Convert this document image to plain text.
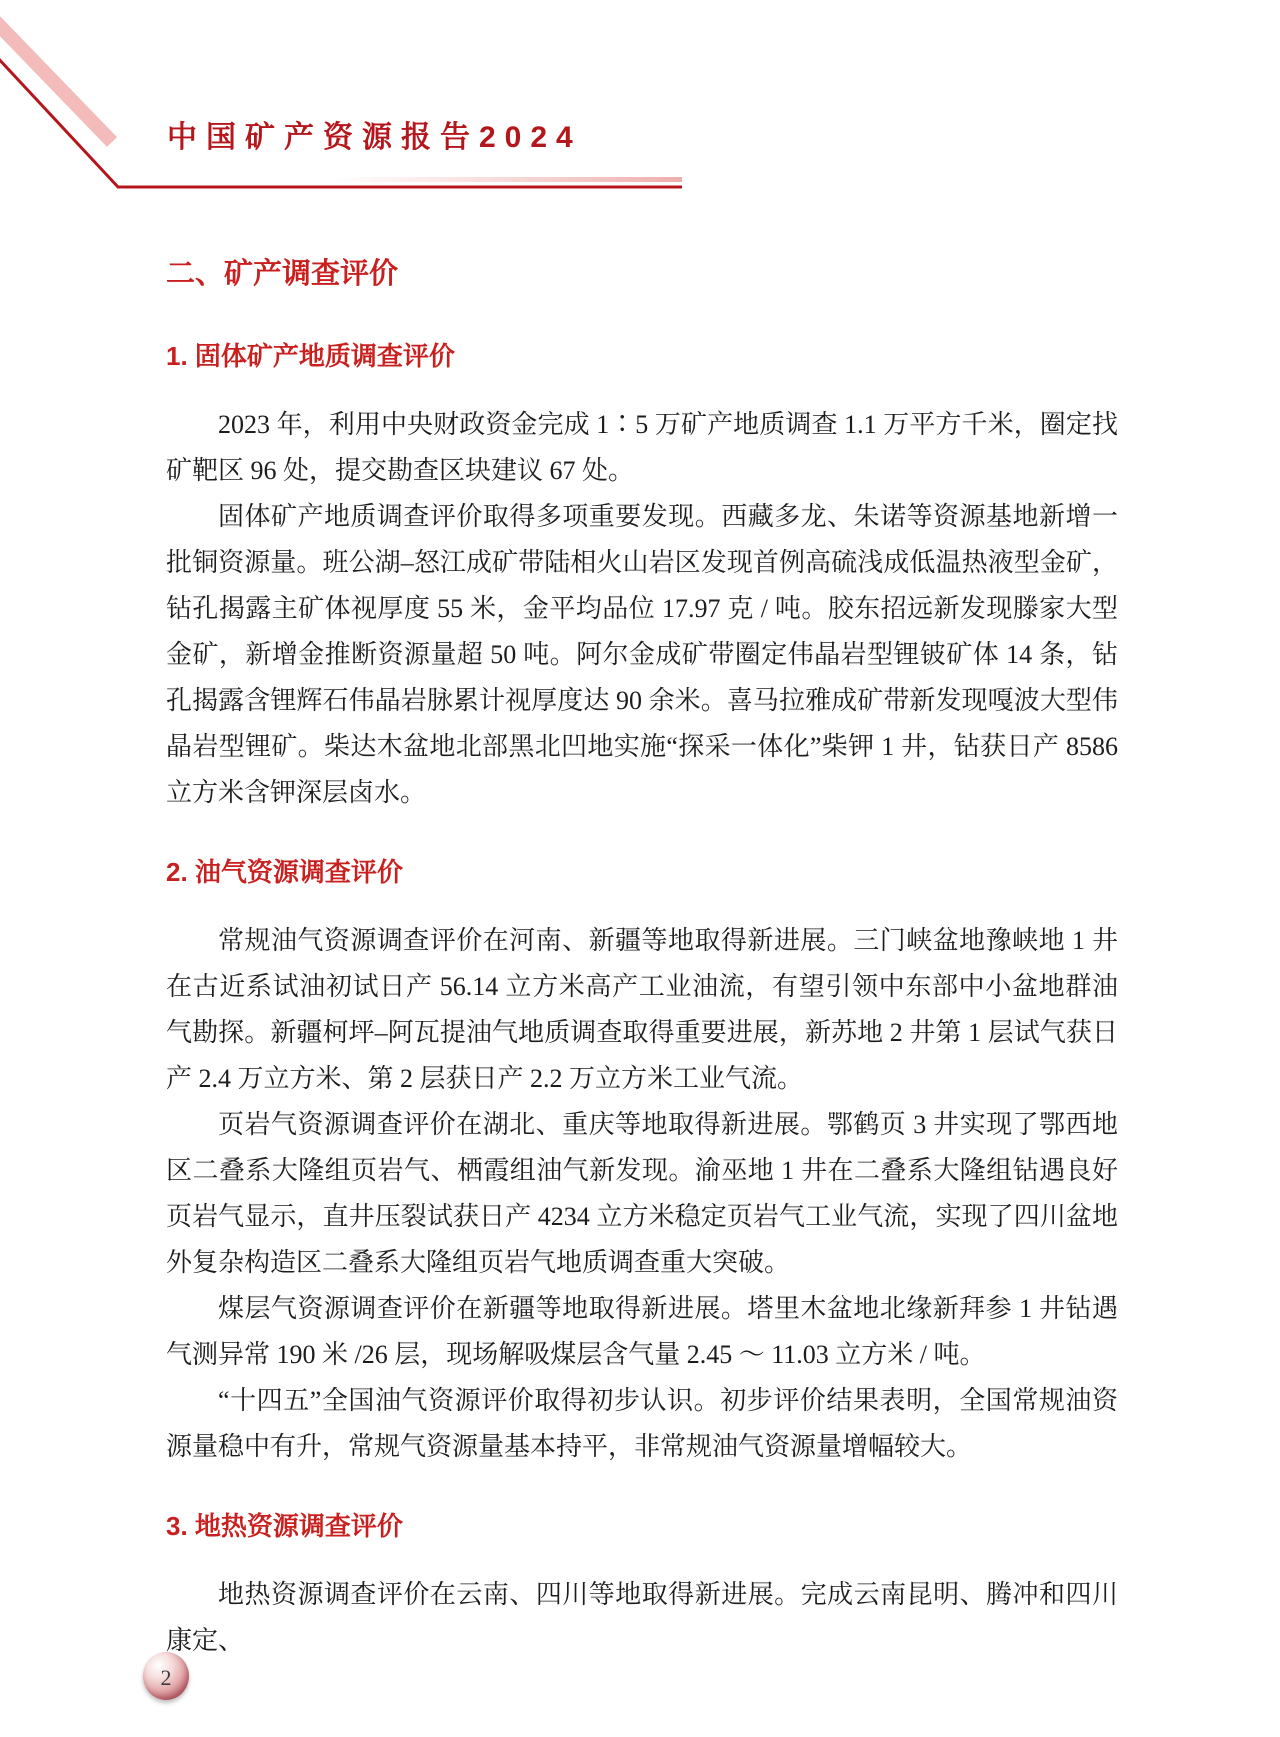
中国矿产资源报告2024
二、矿产调查评价
1. 固体矿产地质调查评价

2023 年，利用中央财政资金完成 1∶5 万矿产地质调查 1.1 万平方千米，圈定找矿靶区 96 处，提交勘查区块建议 67 处。

固体矿产地质调查评价取得多项重要发现。西藏多龙、朱诺等资源基地新增一批铜资源量。班公湖–怒江成矿带陆相火山岩区发现首例高硫浅成低温热液型金矿，钻孔揭露主矿体视厚度 55 米，金平均品位 17.97 克 / 吨。胶东招远新发现滕家大型金矿，新增金推断资源量超 50 吨。阿尔金成矿带圈定伟晶岩型锂铍矿体 14 条，钻孔揭露含锂辉石伟晶岩脉累计视厚度达 90 余米。喜马拉雅成矿带新发现嘎波大型伟晶岩型锂矿。柴达木盆地北部黑北凹地实施“探采一体化”柴钾 1 井，钻获日产 8586 立方米含钾深层卤水。

2. 油气资源调查评价

常规油气资源调查评价在河南、新疆等地取得新进展。三门峡盆地豫峡地 1 井在古近系试油初试日产 56.14 立方米高产工业油流，有望引领中东部中小盆地群油气勘探。新疆柯坪–阿瓦提油气地质调查取得重要进展，新苏地 2 井第 1 层试气获日产 2.4 万立方米、第 2 层获日产 2.2 万立方米工业气流。

页岩气资源调查评价在湖北、重庆等地取得新进展。鄂鹤页 3 井实现了鄂西地区二叠系大隆组页岩气、栖霞组油气新发现。渝巫地 1 井在二叠系大隆组钻遇良好页岩气显示，直井压裂试获日产 4234 立方米稳定页岩气工业气流，实现了四川盆地外复杂构造区二叠系大隆组页岩气地质调查重大突破。

煤层气资源调查评价在新疆等地取得新进展。塔里木盆地北缘新拜参 1 井钻遇气测异常 190 米 /26 层，现场解吸煤层含气量 2.45 ～ 11.03 立方米 / 吨。

“十四五”全国油气资源评价取得初步认识。初步评价结果表明，全国常规油资源量稳中有升，常规气资源量基本持平，非常规油气资源量增幅较大。

3. 地热资源调查评价

地热资源调查评价在云南、四川等地取得新进展。完成云南昆明、腾冲和四川康定、

2
